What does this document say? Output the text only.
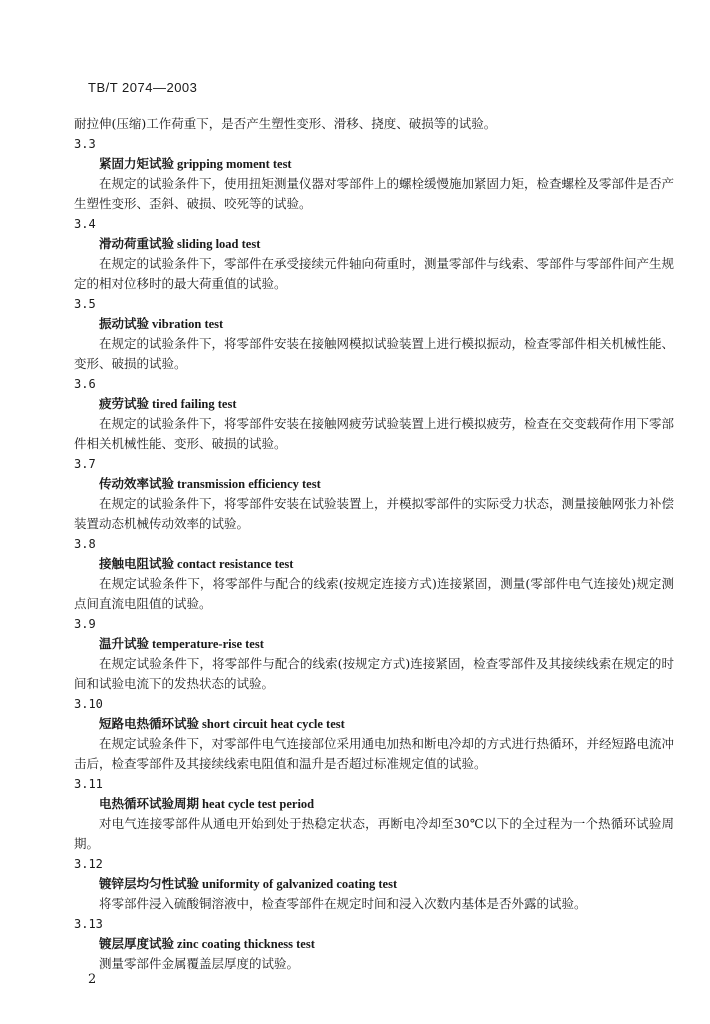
TB/T 2074—2003

耐拉伸(压缩)工作荷重下，是否产生塑性变形、滑移、挠度、破损等的试验。

3.3

紧固力矩试验 gripping moment test

在规定的试验条件下，使用扭矩测量仪器对零部件上的螺栓缓慢施加紧固力矩，检查螺栓及零部件是否产生塑性变形、歪斜、破损、咬死等的试验。

3.4

滑动荷重试验 sliding load test

在规定的试验条件下，零部件在承受接续元件轴向荷重时，测量零部件与线索、零部件与零部件间产生规定的相对位移时的最大荷重值的试验。

3.5

振动试验 vibration test

在规定的试验条件下，将零部件安装在接触网模拟试验装置上进行模拟振动，检查零部件相关机械性能、变形、破损的试验。

3.6

疲劳试验 tired failing test

在规定的试验条件下，将零部件安装在接触网疲劳试验装置上进行模拟疲劳，检查在交变载荷作用下零部件相关机械性能、变形、破损的试验。

3.7

传动效率试验 transmission efficiency test

在规定的试验条件下，将零部件安装在试验装置上，并模拟零部件的实际受力状态，测量接触网张力补偿装置动态机械传动效率的试验。

3.8

接触电阻试验 contact resistance test

在规定试验条件下，将零部件与配合的线索(按规定连接方式)连接紧固，测量(零部件电气连接处)规定测点间直流电阻值的试验。

3.9

温升试验 temperature-rise test

在规定试验条件下，将零部件与配合的线索(按规定方式)连接紧固，检查零部件及其接续线索在规定的时间和试验电流下的发热状态的试验。

3.10

短路电热循环试验 short circuit heat cycle test

在规定试验条件下，对零部件电气连接部位采用通电加热和断电冷却的方式进行热循环，并经短路电流冲击后，检查零部件及其接续线索电阻值和温升是否超过标准规定值的试验。

3.11

电热循环试验周期 heat cycle test period

对电气连接零部件从通电开始到处于热稳定状态，再断电冷却至30℃以下的全过程为一个热循环试验周期。

3.12

镀锌层均匀性试验 uniformity of galvanized coating test

将零部件浸入硫酸铜溶液中，检查零部件在规定时间和浸入次数内基体是否外露的试验。

3.13

镀层厚度试验 zinc coating thickness test

测量零部件金属覆盖层厚度的试验。

2
